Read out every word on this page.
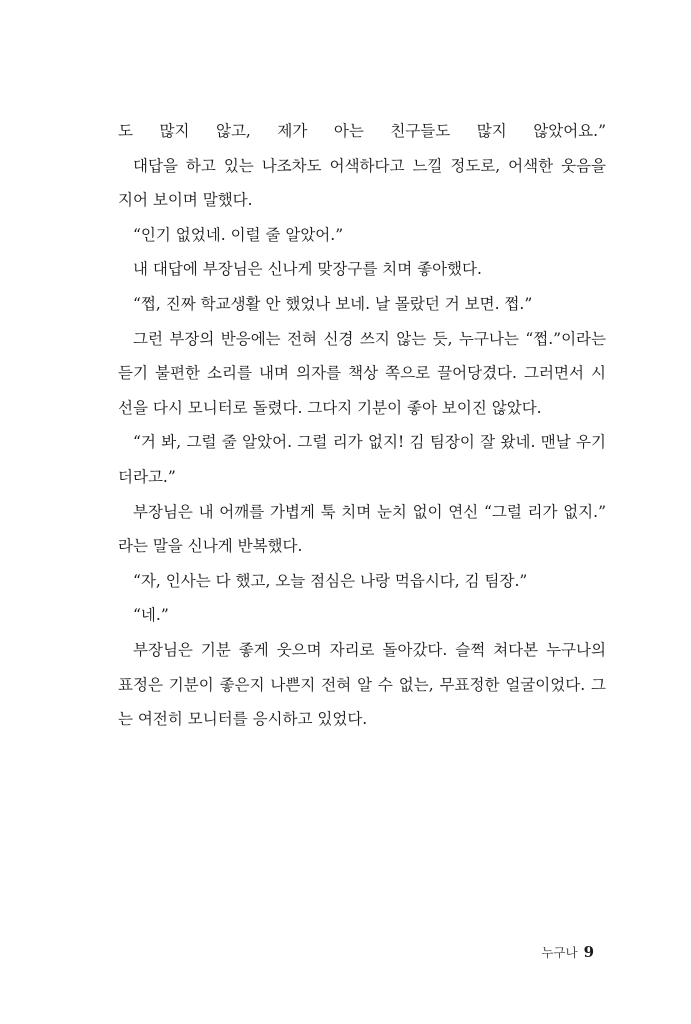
도 많지 않고, 제가 아는 친구들도 많지 않았어요.”
대답을 하고 있는 나조차도 어색하다고 느낄 정도로, 어색한 웃음을
지어 보이며 말했다.
“인기 없었네. 이럴 줄 알았어.”
내 대답에 부장님은 신나게 맞장구를 치며 좋아했다.
“쩝, 진짜 학교생활 안 했었나 보네. 날 몰랐던 거 보면. 쩝.”
그런 부장의 반응에는 전혀 신경 쓰지 않는 듯, 누구나는 “쩝.”이라는
듣기 불편한 소리를 내며 의자를 책상 쪽으로 끌어당겼다. 그러면서 시
선을 다시 모니터로 돌렸다. 그다지 기분이 좋아 보이진 않았다.
“거 봐, 그럴 줄 알았어. 그럴 리가 없지! 김 팀장이 잘 왔네. 맨날 우기
더라고.”
부장님은 내 어깨를 가볍게 툭 치며 눈치 없이 연신 “그럴 리가 없지.”
라는 말을 신나게 반복했다.
“자, 인사는 다 했고, 오늘 점심은 나랑 먹읍시다, 김 팀장.”
“네.”
부장님은 기분 좋게 웃으며 자리로 돌아갔다. 슬쩍 쳐다본 누구나의
표정은 기분이 좋은지 나쁜지 전혀 알 수 없는, 무표정한 얼굴이었다. 그
는 여전히 모니터를 응시하고 있었다.
누구나 9
